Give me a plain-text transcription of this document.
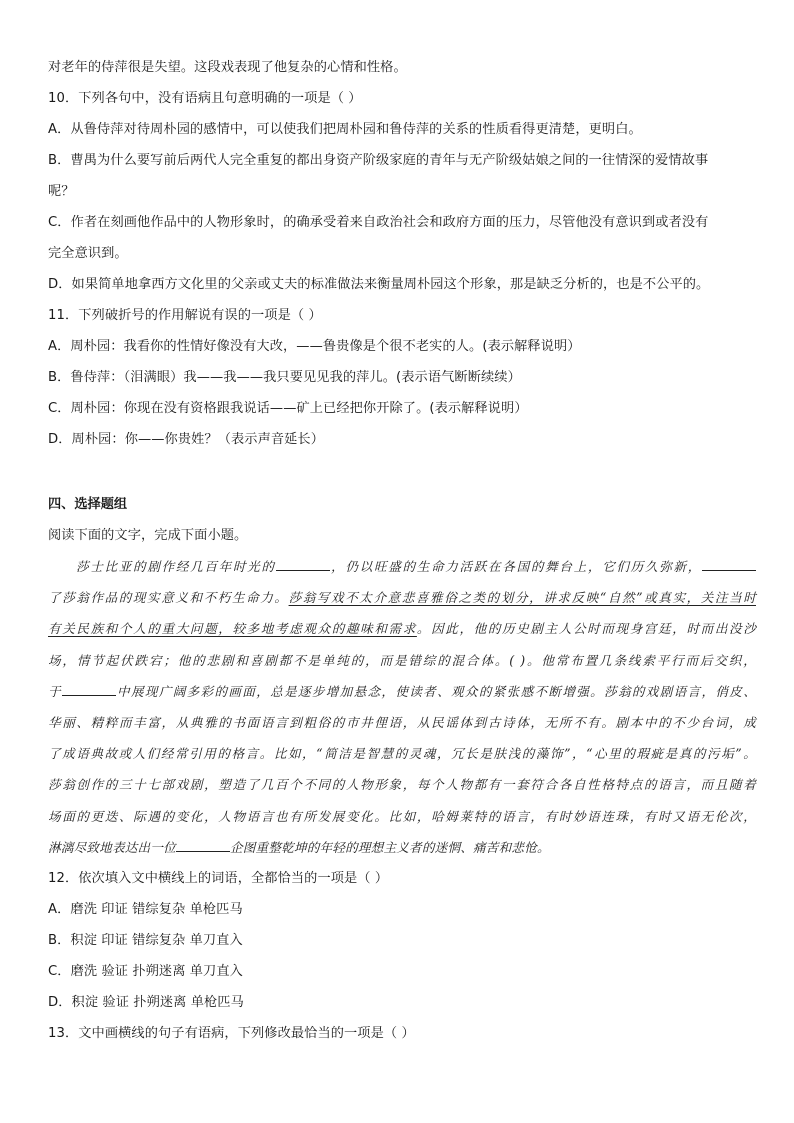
对老年的侍萍很是失望。这段戏表现了他复杂的心情和性格。
10．下列各句中，没有语病且句意明确的一项是（ ）
A．从鲁侍萍对待周朴园的感情中，可以使我们把周朴园和鲁侍萍的关系的性质看得更清楚，更明白。
B．曹禺为什么要写前后两代人完全重复的都出身资产阶级家庭的青年与无产阶级姑娘之间的一往情深的爱情故事
呢？
C．作者在刻画他作品中的人物形象时，的确承受着来自政治社会和政府方面的压力，尽管他没有意识到或者没有
完全意识到。
D．如果简单地拿西方文化里的父亲或丈夫的标准做法来衡量周朴园这个形象，那是缺乏分析的，也是不公平的。
11．下列破折号的作用解说有误的一项是（ ）
A．周朴园：我看你的性情好像没有大改，——鲁贵像是个很不老实的人。(表示解释说明）
B．鲁侍萍：（泪满眼）我——我——我只要见见我的萍儿。(表示语气断断续续）
C．周朴园：你现在没有资格跟我说话——矿上已经把你开除了。(表示解释说明）
D．周朴园：你——你贵姓？（表示声音延长）
四、选择题组
阅读下面的文字，完成下面小题。
莎士比亚的剧作经几百年时光的	，仍以旺盛的生命力活跃在各国的舞台上，它们历久弥新，
了莎翁作品的现实意义和不朽生命力。莎翁写戏不太介意悲喜雅俗之类的划分，讲求反映“自然”或真实，关注当时
有关民族和个人的重大问题，较多地考虑观众的趣味和需求。因此，他的历史剧主人公时而现身宫廷，时而出没沙
场，情节起伏跌宕；他的悲剧和喜剧都不是单纯的，而是错综的混合体。( )。他常布置几条线索平行而后交织，
于	中展现广阔多彩的画面，总是逐步增加悬念，使读者、观众的紧张感不断增强。莎翁的戏剧语言，俏皮、
华丽、精粹而丰富，从典雅的书面语言到粗俗的市井俚语，从民谣体到古诗体，无所不有。剧本中的不少台词，成
了成语典故或人们经常引用的格言。比如，“简洁是智慧的灵魂，冗长是肤浅的藻饰”，“心里的瑕疵是真的污垢”。
莎翁创作的三十七部戏剧，塑造了几百个不同的人物形象，每个人物都有一套符合各自性格特点的语言，而且随着
场面的更迭、际遇的变化，人物语言也有所发展变化。比如，哈姆莱特的语言，有时妙语连珠，有时又语无伦次，
淋漓尽致地表达出一位	企图重整乾坤的年轻的理想主义者的迷惘、痛苦和悲怆。
12．依次填入文中横线上的词语，全都恰当的一项是（ ）
A．磨洗 印证 错综复杂 单枪匹马
B．积淀 印证 错综复杂 单刀直入
C．磨洗 验证 扑朔迷离 单刀直入
D．积淀 验证 扑朔迷离 单枪匹马
13．文中画横线的句子有语病，下列修改最恰当的一项是（ ）
